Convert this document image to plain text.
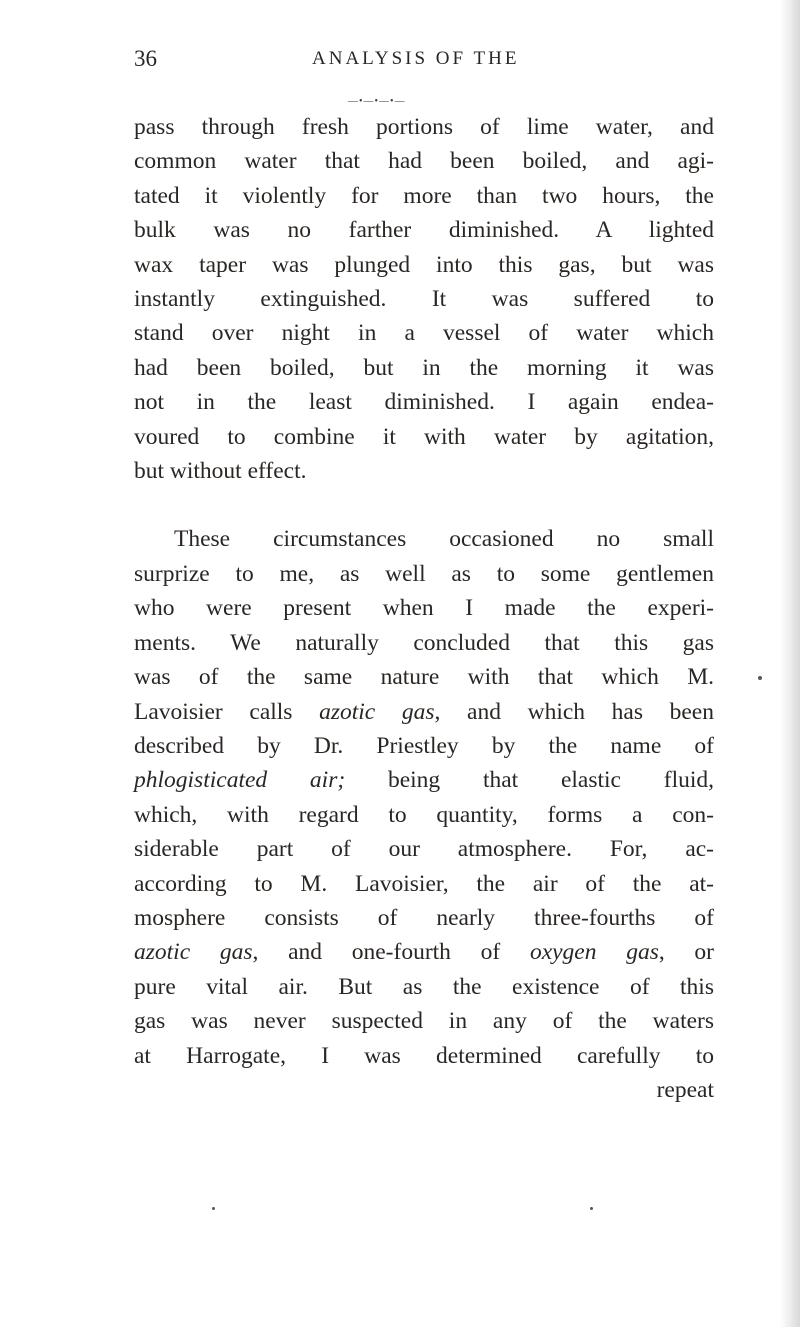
36	ANALYSIS OF THE
—•—•—•—
pass through fresh portions of lime water, and
common water that had been boiled, and agi-
tated it violently for more than two hours, the
bulk was no farther diminished. A lighted
wax taper was plunged into this gas, but was
instantly extinguished. It was suffered to
stand over night in a vessel of water which
had been boiled, but in the morning it was
not in the least diminished. I again endea-
voured to combine it with water by agitation,
but without effect.
These circumstances occasioned no small
surprize to me, as well as to some gentlemen
who were present when I made the experi-
ments. We naturally concluded that this gas
was of the same nature with that which M.
Lavoisier calls azotic gas, and which has been
described by Dr. Priestley by the name of
phlogisticated air; being that elastic fluid,
which, with regard to quantity, forms a con-
siderable part of our atmosphere. For, ac-
according to M. Lavoisier, the air of the at-
mosphere consists of nearly three-fourths of
azotic gas, and one-fourth of oxygen gas, or
pure vital air. But as the existence of this
gas was never suspected in any of the waters
at Harrogate, I was determined carefully to
repeat
